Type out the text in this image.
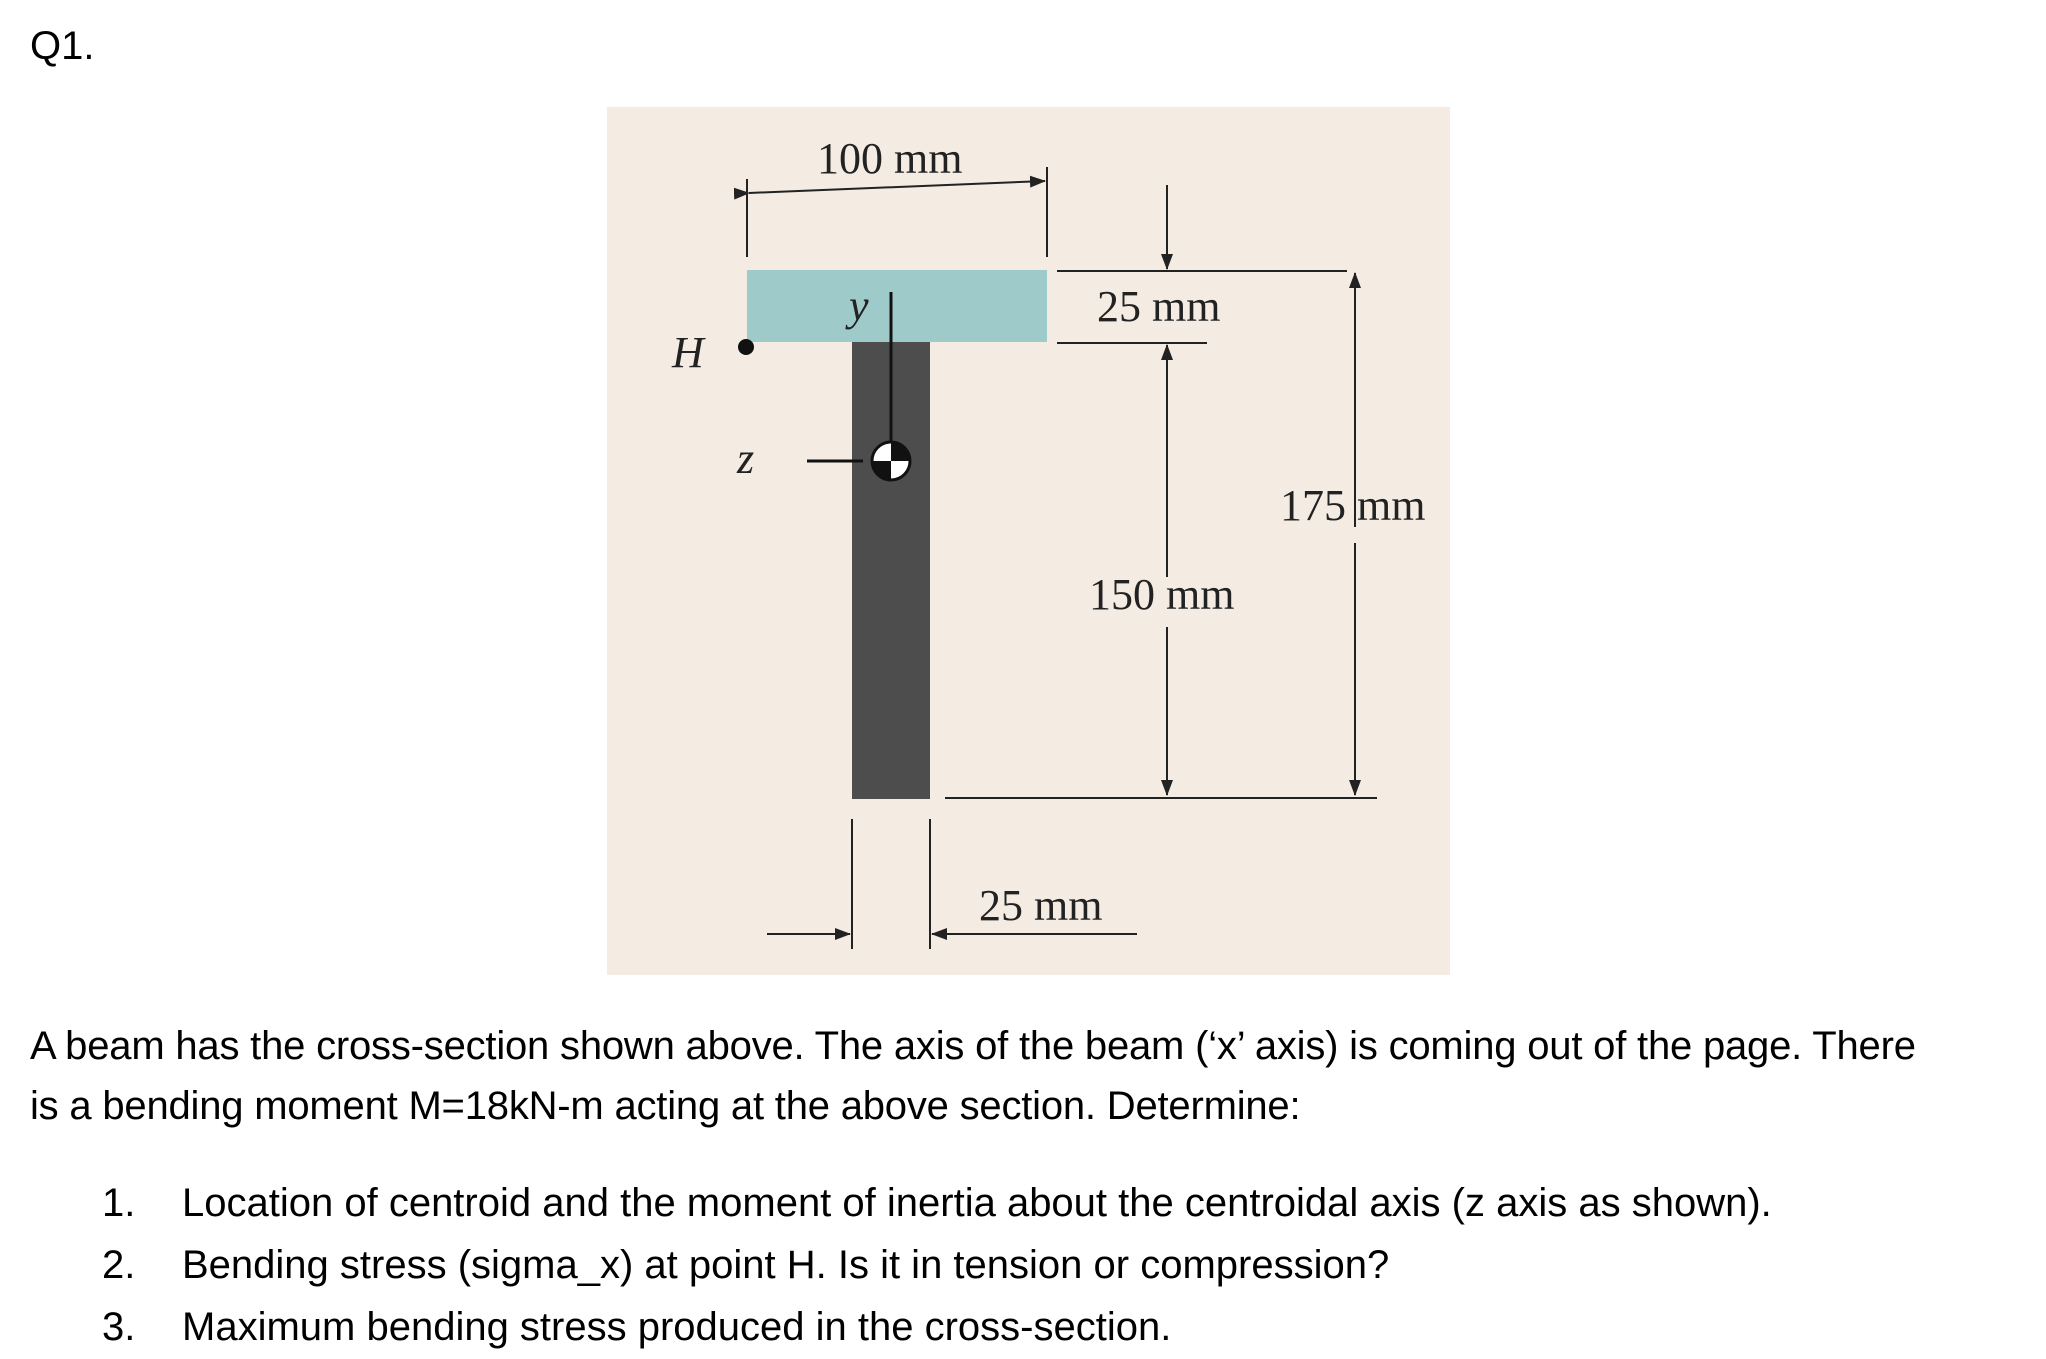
Q1.
y
z
H
100 mm
25 mm
150 mm
175 mm
25 mm
A beam has the cross-section shown above. The axis of the beam (‘x’ axis) is coming out of the page. There
is a bending moment M=18kN-m acting at the above section. Determine:
1.	Location of centroid and the moment of inertia about the centroidal axis (z axis as shown).
2.	Bending stress (sigma_x) at point H. Is it in tension or compression?
3.	Maximum bending stress produced in the cross-section.
